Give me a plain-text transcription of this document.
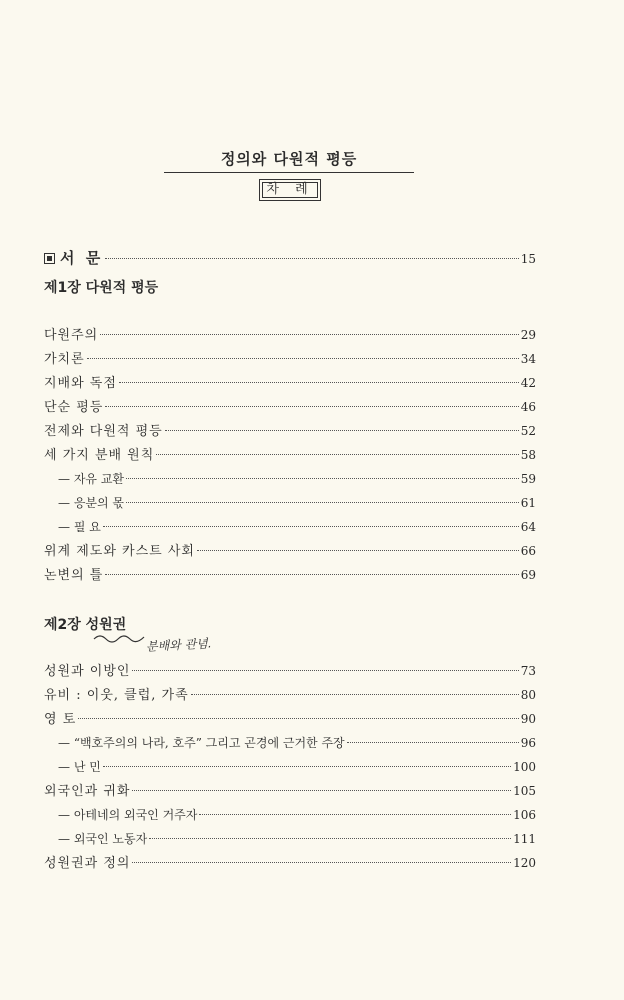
정의와 다원적 평등
차 례
서 문	15
제1장 다원적 평등
다원주의	29
가치론	34
지배와 독점	42
단순 평등	46
전제와 다원적 평등	52
세 가지 분배 원칙	58
— 자유 교환	59
— 응분의 몫	61
— 필 요	64
위계 제도와 카스트 사회	66
논변의 틀	69
제2장 성원권
분배와 관념.
성원과 이방인	73
유비 : 이웃, 클럽, 가족	80
영 토	90
— “백호주의의 나라, 호주” 그리고 곤경에 근거한 주장	96
— 난 민	100
외국인과 귀화	105
— 아테네의 외국인 거주자	106
— 외국인 노동자	111
성원권과 정의	120
